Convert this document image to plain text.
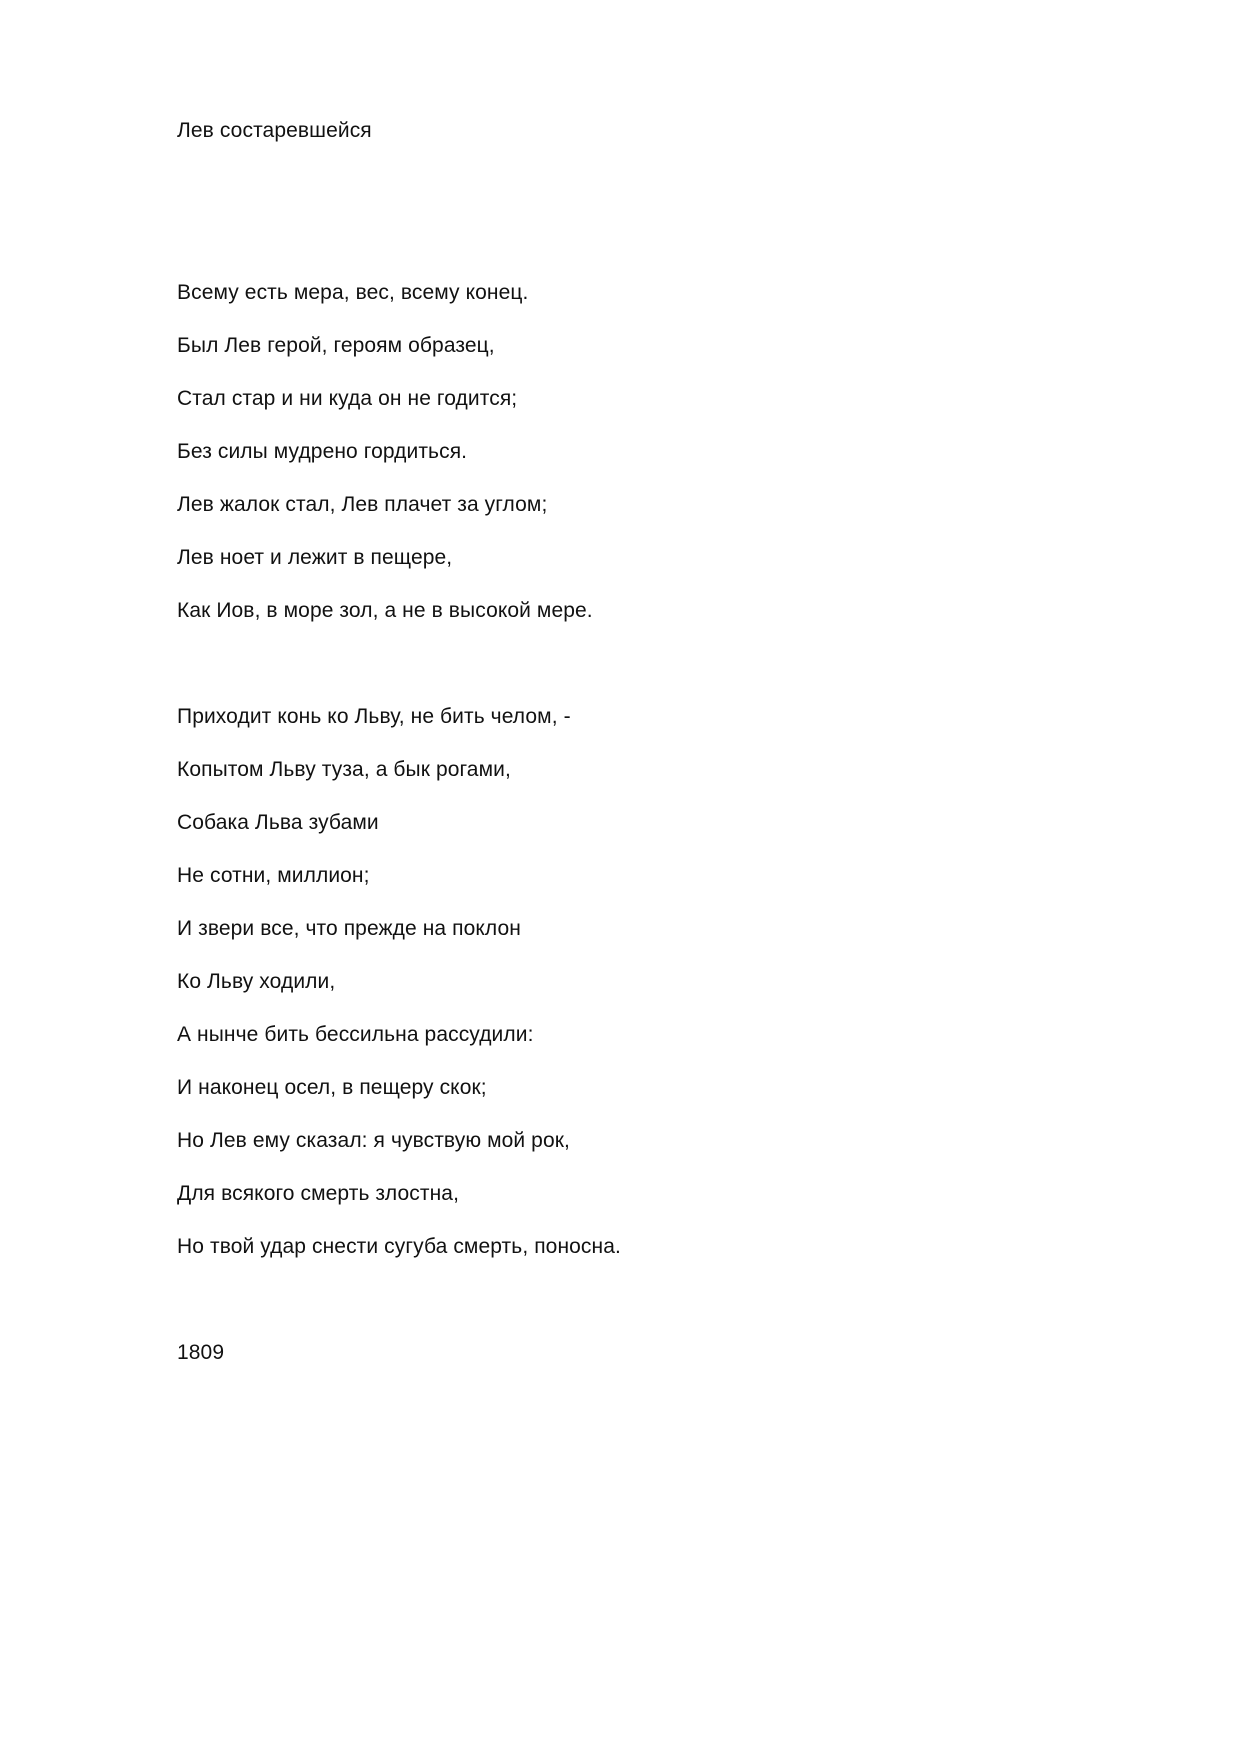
Лев состаревшейся
Всему есть мера, вес, всему конец.
Был Лев герой, героям образец,
Стал стар и ни куда он не годится;
Без силы мудрено гордиться.
Лев жалок стал, Лев плачет за углом;
Лев ноет и лежит в пещере,
Как Иов, в море зол, а не в высокой мере.
Приходит конь ко Льву, не бить челом, -
Копытом Льву туза, а бык рогами,
Собака Льва зубами
Не сотни, миллион;
И звери все, что прежде на поклон
Ко Льву ходили,
А нынче бить бессильна рассудили:
И наконец осел, в пещеру скок;
Но Лев ему сказал: я чувствую мой рок,
Для всякого смерть злостна,
Но твой удар снести сугуба смерть, поносна.
1809
